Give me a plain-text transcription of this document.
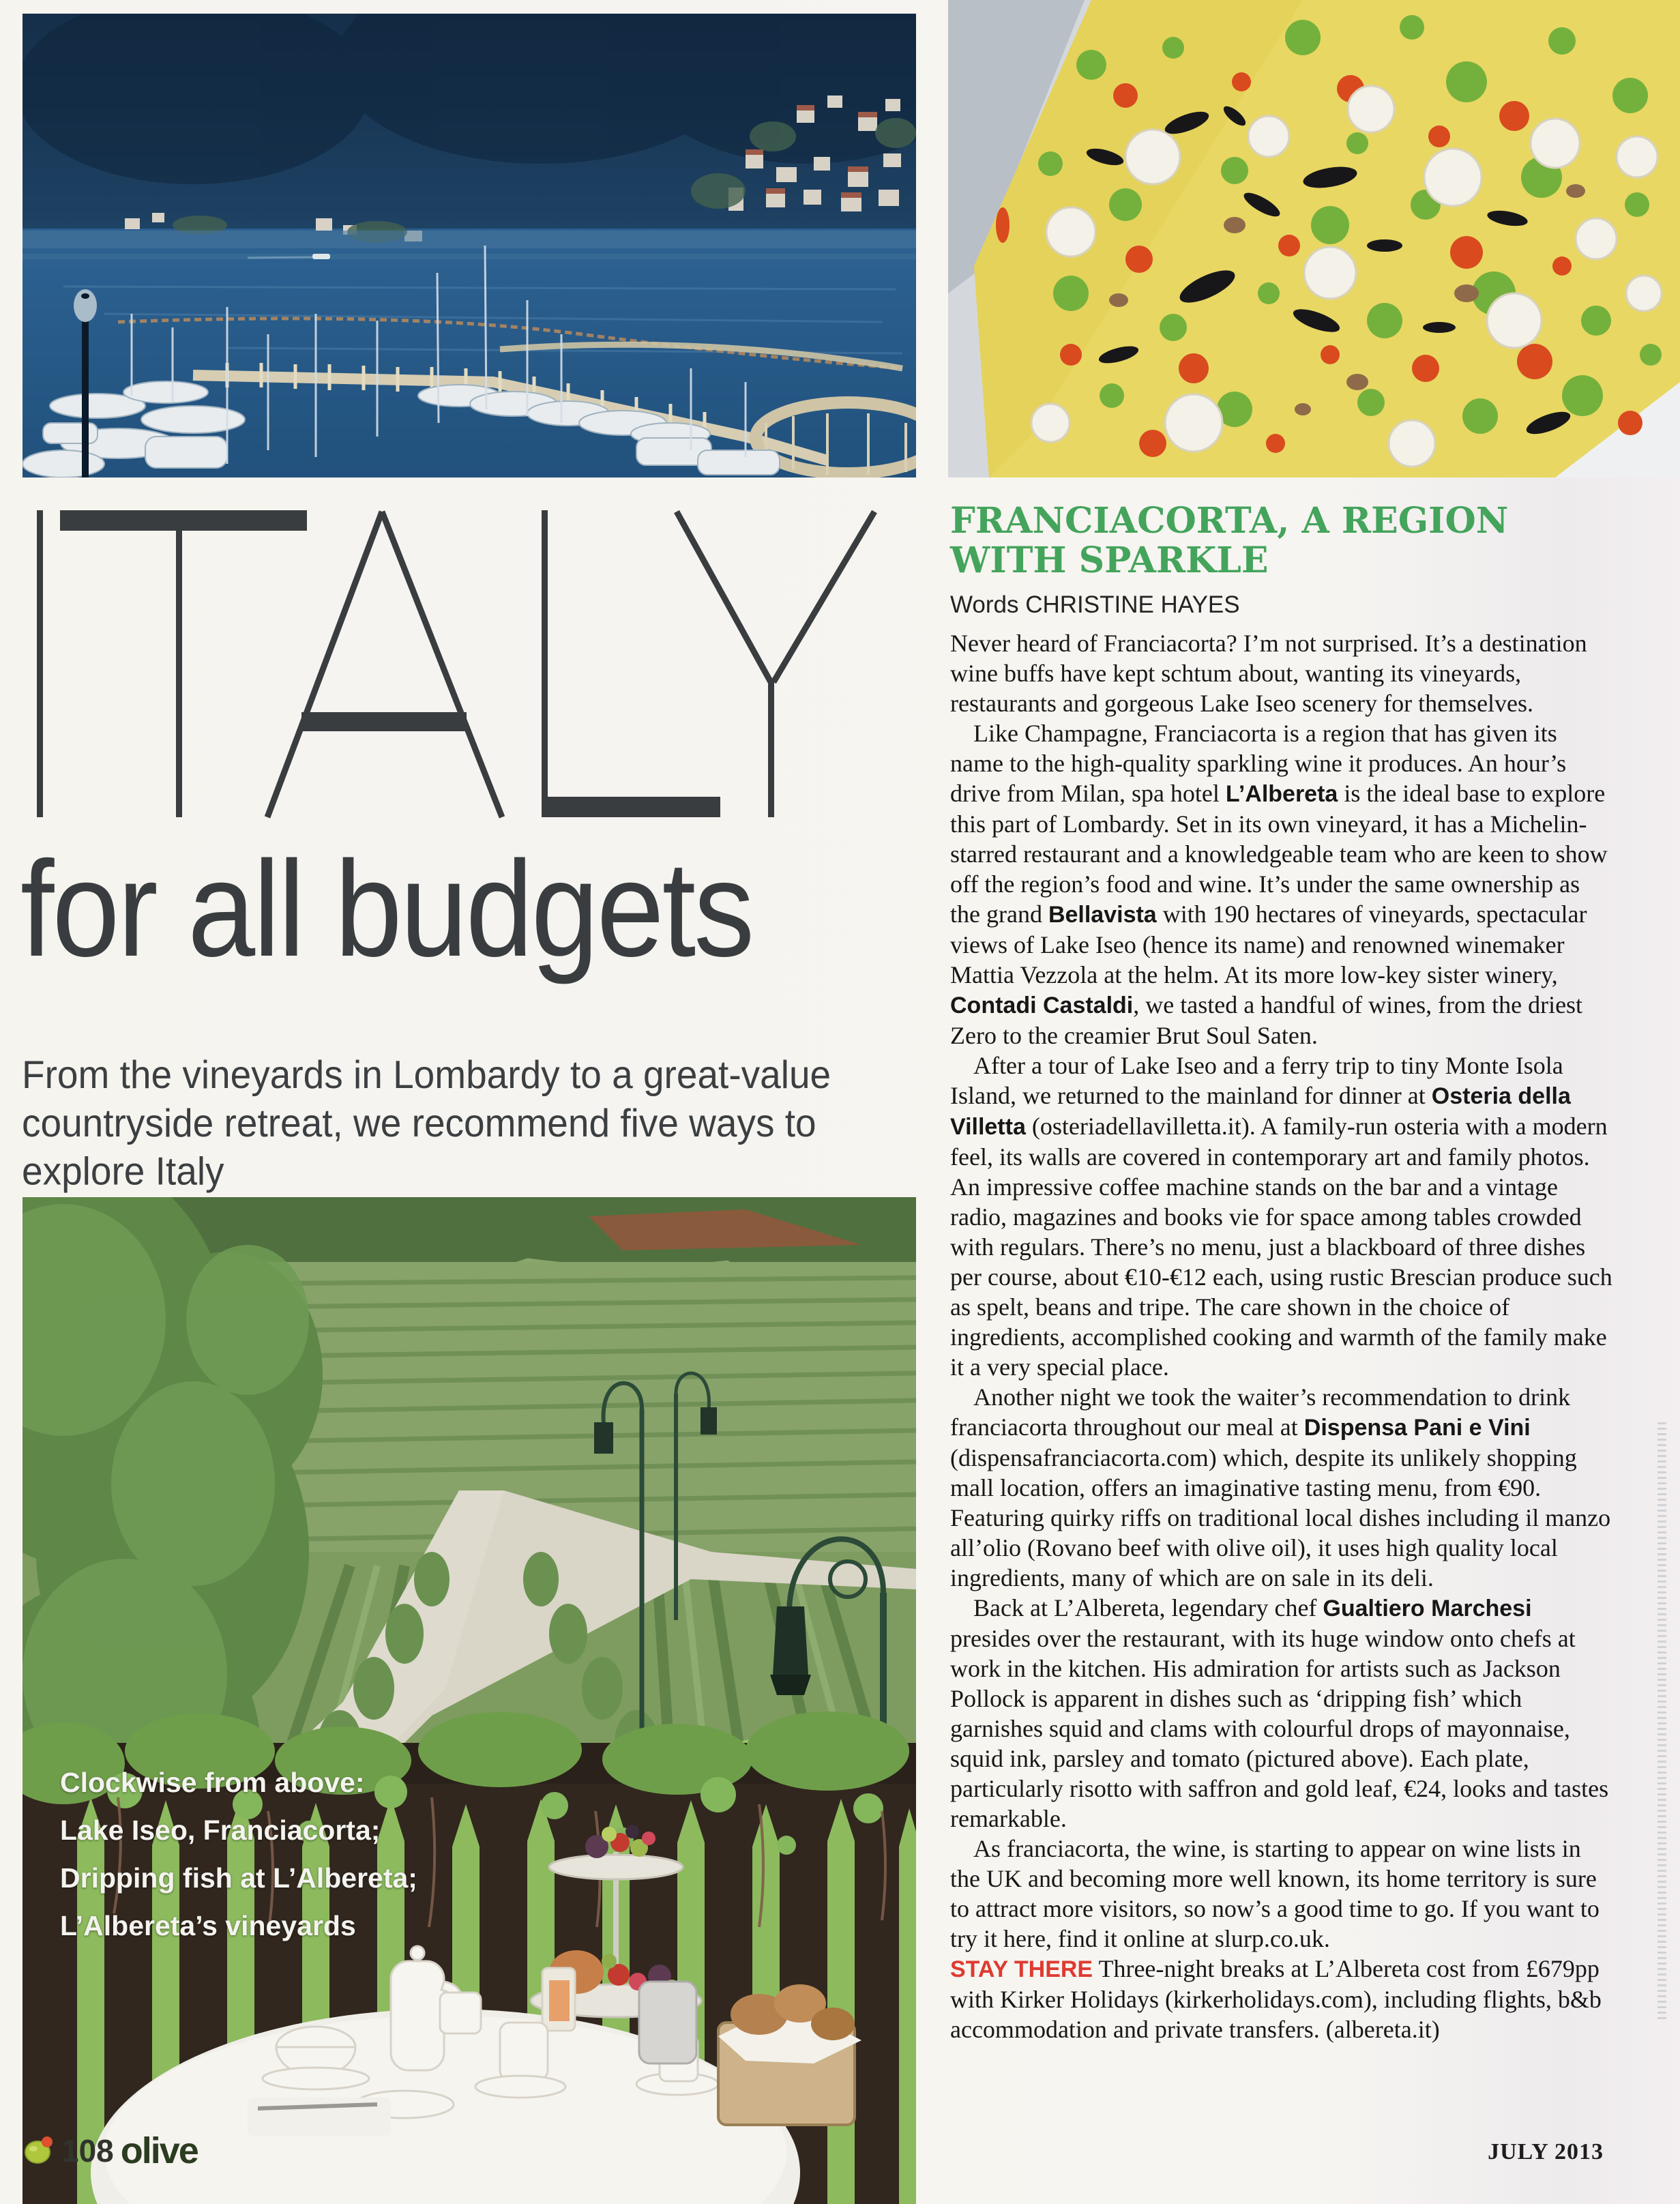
for all budgets
From the vineyards in Lombardy to a great-value countryside retreat, we recommend five ways to explore Italy
Clockwise from above:
Lake Iseo, Franciacorta;
Dripping fish at L’Albereta;
L’Albereta’s vineyards
FRANCIACORTA, A REGION
WITH SPARKLE
Words CHRISTINE HAYES

Never heard of Franciacorta? I’m not surprised. It’s a destination wine buffs have kept schtum about, wanting its vineyards, restaurants and gorgeous Lake Iseo scenery for themselves.

Like Champagne, Franciacorta is a region that has given its name to the high-quality sparkling wine it produces. An hour’s drive from Milan, spa hotel L’Albereta is the ideal base to explore this part of Lombardy. Set in its own vineyard, it has a Michelin-starred restaurant and a knowledgeable team who are keen to show off the region’s food and wine. It’s under the same ownership as the grand Bellavista with 190 hectares of vineyards, spectacular views of Lake Iseo (hence its name) and renowned winemaker Mattia Vezzola at the helm. At its more low-key sister winery, Contadi Castaldi, we tasted a handful of wines, from the driest Zero to the creamier Brut Soul Saten.

After a tour of Lake Iseo and a ferry trip to tiny Monte Isola Island, we returned to the mainland for dinner at Osteria della Villetta (osteriadellavilletta.it). A family-run osteria with a modern feel, its walls are covered in contemporary art and family photos. An impressive coffee machine stands on the bar and a vintage radio, magazines and books vie for space among tables crowded with regulars. There’s no menu, just a blackboard of three dishes per course, about €10-€12 each, using rustic Brescian produce such as spelt, beans and tripe. The care shown in the choice of ingredients, accomplished cooking and warmth of the family make it a very special place.

Another night we took the waiter’s recommendation to drink franciacorta throughout our meal at Dispensa Pani e Vini (dispensafranciacorta.com) which, despite its unlikely shopping mall location, offers an imaginative tasting menu, from €90. Featuring quirky riffs on traditional local dishes including il manzo all’olio (Rovano beef with olive oil), it uses high quality local ingredients, many of which are on sale in its deli.

Back at L’Albereta, legendary chef Gualtiero Marchesi presides over the restaurant, with its huge window onto chefs at work in the kitchen. His admiration for artists such as Jackson Pollock is apparent in dishes such as ‘dripping fish’ which garnishes squid and clams with colourful drops of mayonnaise, squid ink, parsley and tomato (pictured above). Each plate, particularly risotto with saffron and gold leaf, €24, looks and tastes remarkable.

As franciacorta, the wine, is starting to appear on wine lists in the UK and becoming more well known, its home territory is sure to attract more visitors, so now’s a good time to go. If you want to try it here, find it online at slurp.co.uk.

STAY THERE Three-night breaks at L’Albereta cost from £679pp with Kirker Holidays (kirkerholidays.com), including flights, b&b accommodation and private transfers. (albereta.it)

108 olive	JULY 2013
